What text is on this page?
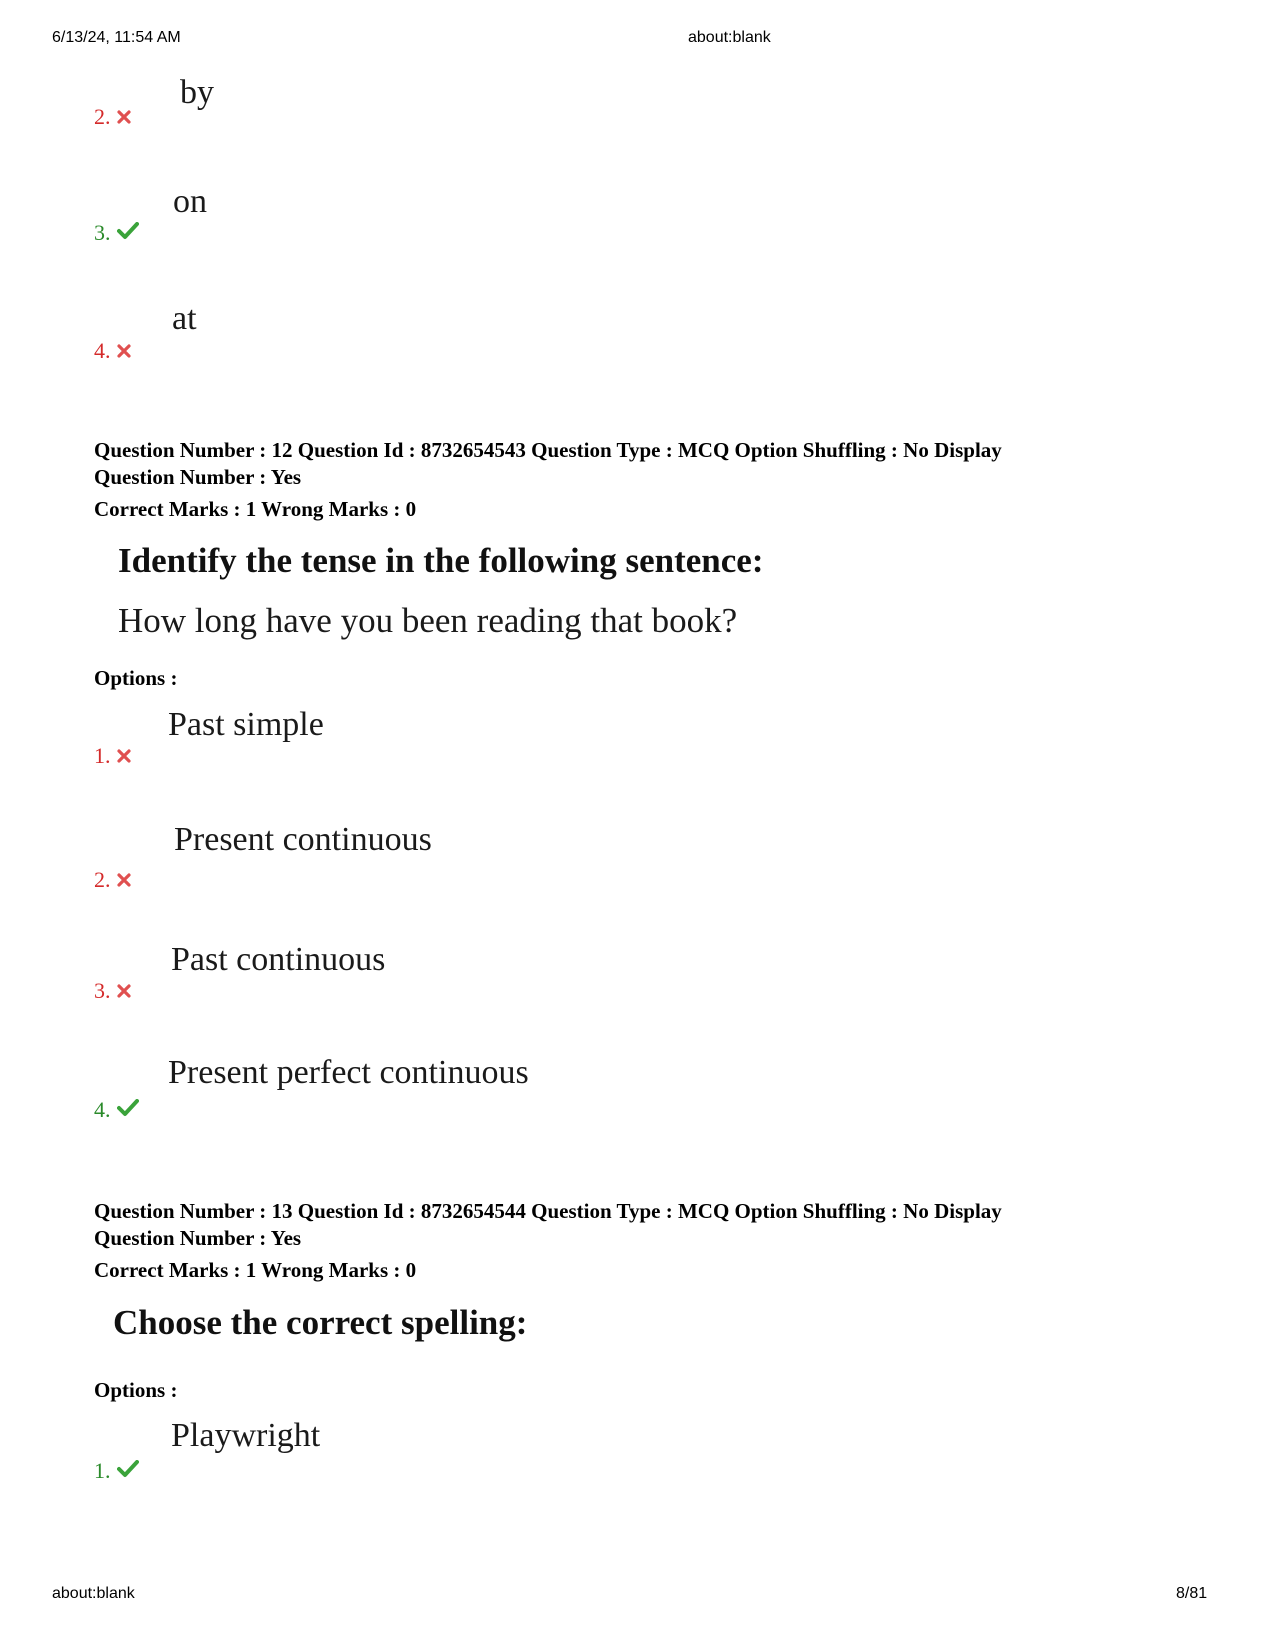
6/13/24, 11:54 AM	about:blank
2.
by
3.
on
4.
at
Question Number : 12 Question Id : 8732654543 Question Type : MCQ Option Shuffling : No Display
Question Number : Yes
Correct Marks : 1 Wrong Marks : 0
Identify the tense in the following sentence:
How long have you been reading that book?
Options :
1.
Past simple
2.
Present continuous
3.
Past continuous
4.
Present perfect continuous
Question Number : 13 Question Id : 8732654544 Question Type : MCQ Option Shuffling : No Display
Question Number : Yes
Correct Marks : 1 Wrong Marks : 0
Choose the correct spelling:
Options :
1.
Playwright
about:blank	8/81
